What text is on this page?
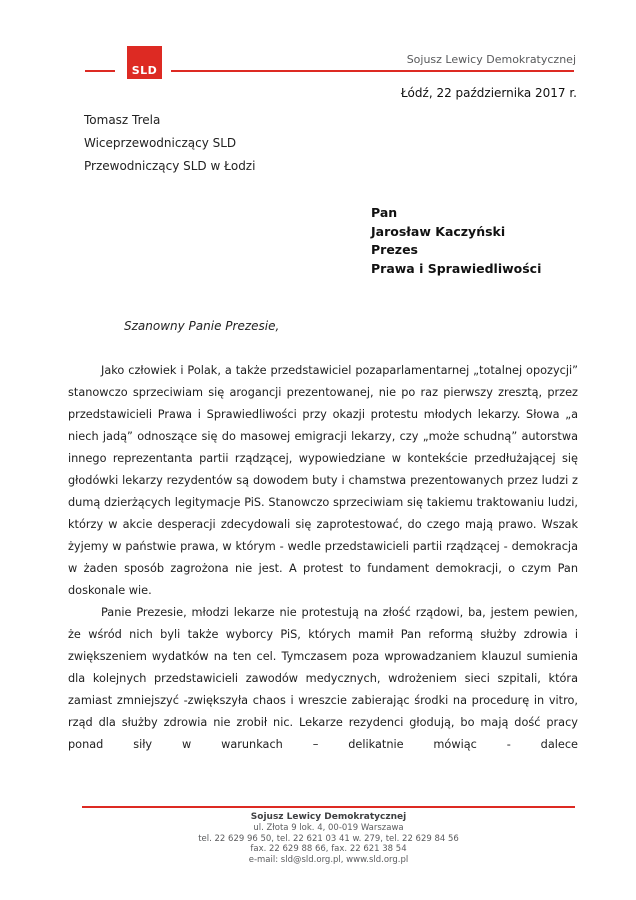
SLD
Sojusz Lewicy Demokratycznej
Łódź, 22 października 2017 r.
Tomasz Trela
Wiceprzewodniczący SLD
Przewodniczący SLD w Łodzi
Pan
Jarosław Kaczyński
Prezes
Prawa i Sprawiedliwości
Szanowny Panie Prezesie,

Jako człowiek i Polak, a także przedstawiciel pozaparlamentarnej „totalnej opozycji” stanowczo sprzeciwiam się arogancji prezentowanej, nie po raz pierwszy zresztą, przez przedstawicieli Prawa i Sprawiedliwości przy okazji protestu młodych lekarzy. Słowa „a niech jadą” odnoszące się do masowej emigracji lekarzy, czy „może schudną” autorstwa innego reprezentanta partii rządzącej, wypowiedziane w kontekście przedłużającej się głodówki lekarzy rezydentów są dowodem buty i chamstwa prezentowanych przez ludzi z dumą dzierżących legitymacje PiS. Stanowczo sprzeciwiam się takiemu traktowaniu ludzi, którzy w akcie desperacji zdecydowali się zaprotestować, do czego mają prawo. Wszak żyjemy w państwie prawa, w którym - wedle przedstawicieli partii rządzącej - demokracja w żaden sposób zagrożona nie jest. A protest to fundament demokracji, o czym Pan doskonale wie.

Panie Prezesie, młodzi lekarze nie protestują na złość rządowi, ba, jestem pewien, że wśród nich byli także wyborcy PiS, których mamił Pan reformą służby zdrowia i zwiększeniem wydatków na ten cel. Tymczasem poza wprowadzaniem klauzul sumienia dla kolejnych przedstawicieli zawodów medycznych, wdrożeniem sieci szpitali, która zamiast zmniejszyć -zwiększyła chaos i wreszcie zabierając środki na procedurę in vitro, rząd dla służby zdrowia nie zrobił nic. Lekarze rezydenci głodują, bo mają dość pracy ponad siły w warunkach – delikatnie mówiąc - dalece

Sojusz Lewicy Demokratycznej
ul. Złota 9 lok. 4, 00-019 Warszawa
tel. 22 629 96 50, tel. 22 621 03 41 w. 279, tel. 22 629 84 56
fax. 22 629 88 66, fax. 22 621 38 54
e-mail: sld@sld.org.pl, www.sld.org.pl
